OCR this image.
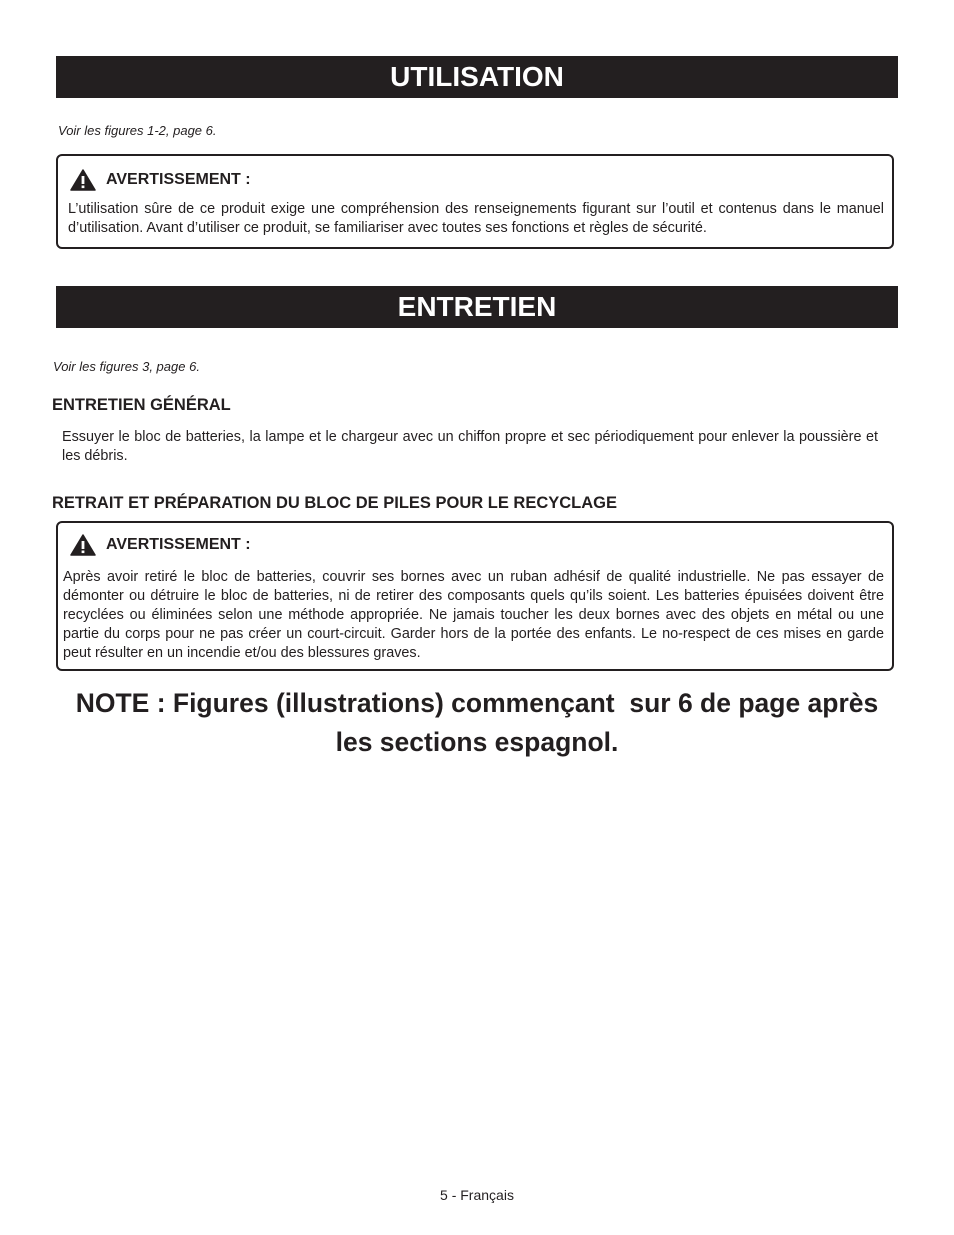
UTILISATION
Voir les figures 1-2, page 6.
AVERTISSEMENT :
L’utilisation sûre de ce produit exige une compréhension des renseignements figurant sur l’outil et contenus dans le manuel d’utilisation. Avant d’utiliser ce produit, se familiariser avec toutes ses fonctions et règles de sécurité.
ENTRETIEN
Voir les figures 3, page 6.
ENTRETIEN GÉNÉRAL
Essuyer le bloc de batteries, la lampe et le chargeur avec un chiffon propre et sec périodiquement pour enlever la poussière et les débris.
RETRAIT ET PRÉPARATION DU BLOC DE PILES POUR LE RECYCLAGE
AVERTISSEMENT :
Après avoir retiré le bloc de batteries, couvrir ses bornes avec un ruban adhésif de qualité industrielle. Ne pas essayer de démonter ou détruire le bloc de batteries, ni de retirer des composants quels qu’ils soient. Les batteries épuisées doivent être recyclées ou éliminées selon une méthode appropriée. Ne jamais toucher les deux bornes avec des objets en métal ou une partie du corps pour ne pas créer un court-circuit. Garder hors de la portée des enfants. Le no-respect de ces mises en garde peut résulter en un incendie et/ou des blessures graves.
NOTE : Figures (illustrations) commençant  sur 6 de page après
les sections espagnol.
5 - Français
